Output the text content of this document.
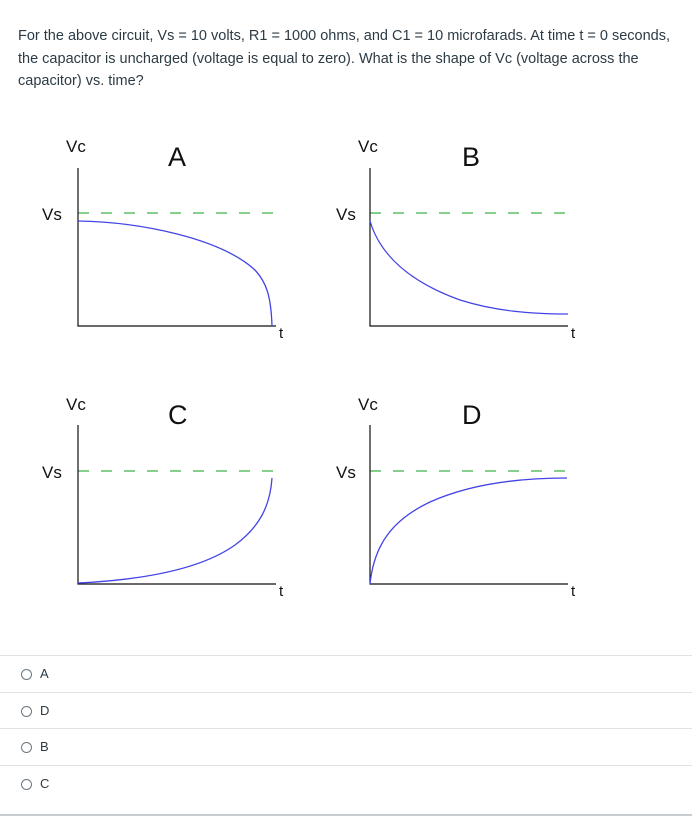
For the above circuit, Vs = 10 volts, R1 = 1000 ohms, and C1 = 10 microfarads. At time t = 0 seconds, the capacitor is uncharged (voltage is equal to zero). What is the shape of Vc (voltage across the capacitor) vs. time?
Vc	A
Vs
t
Vc	B
Vs
t
Vc	C
Vs
t
Vc	D
Vs
t
A
D
B
C
